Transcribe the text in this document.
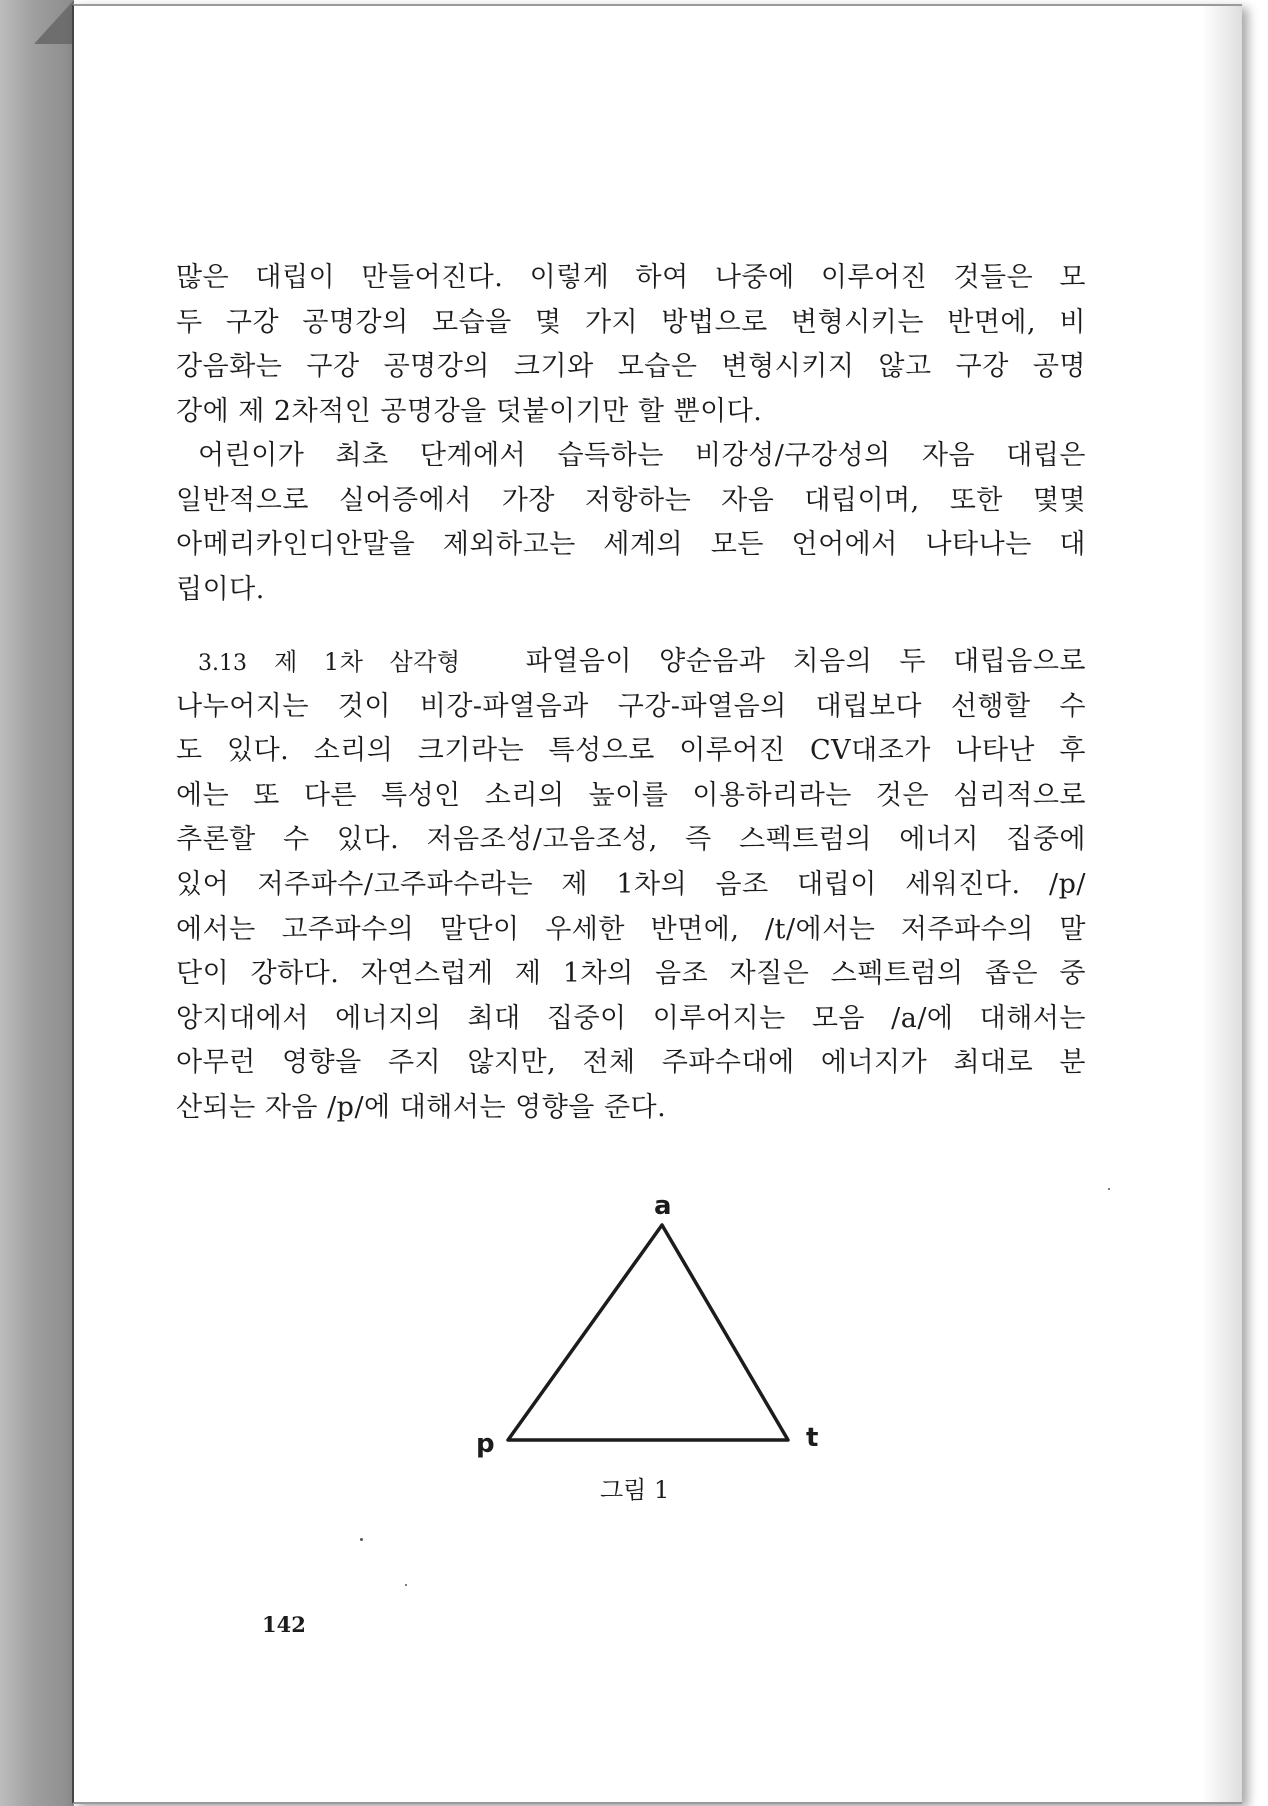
많은 대립이 만들어진다. 이렇게 하여 나중에 이루어진 것들은 모
두 구강 공명강의 모습을 몇 가지 방법으로 변형시키는 반면에, 비
강음화는 구강 공명강의 크기와 모습은 변형시키지 않고 구강 공명
강에 제 2차적인 공명강을 덧붙이기만 할 뿐이다.
어린이가 최초 단계에서 습득하는 비강성/구강성의 자음 대립은
일반적으로 실어증에서 가장 저항하는 자음 대립이며, 또한 몇몇
아메리카인디안말을 제외하고는 세계의 모든 언어에서 나타나는 대
립이다.
3.13 제 1차 삼각형 파열음이 양순음과 치음의 두 대립음으로
나누어지는 것이 비강-파열음과 구강-파열음의 대립보다 선행할 수
도 있다. 소리의 크기라는 특성으로 이루어진 CV대조가 나타난 후
에는 또 다른 특성인 소리의 높이를 이용하리라는 것은 심리적으로
추론할 수 있다. 저음조성/고음조성, 즉 스펙트럼의 에너지 집중에
있어 저주파수/고주파수라는 제 1차의 음조 대립이 세워진다. /p/
에서는 고주파수의 말단이 우세한 반면에, /t/에서는 저주파수의 말
단이 강하다. 자연스럽게 제 1차의 음조 자질은 스펙트럼의 좁은 중
앙지대에서 에너지의 최대 집중이 이루어지는 모음 /a/에 대해서는
아무런 영향을 주지 않지만, 전체 주파수대에 에너지가 최대로 분
산되는 자음 /p/에 대해서는 영향을 준다.
a
p	t
그림 1
142
